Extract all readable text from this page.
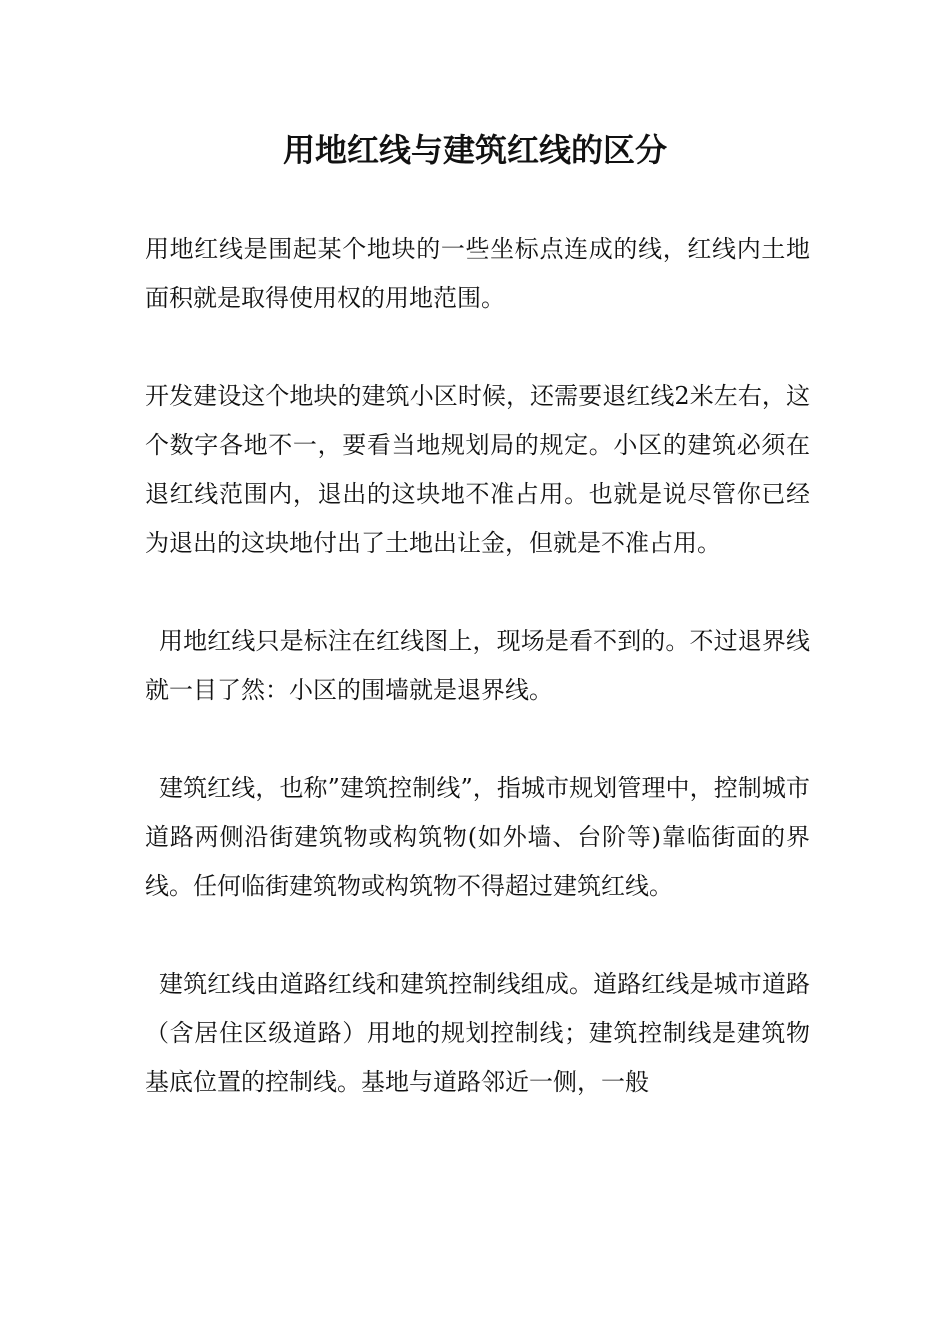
用地红线与建筑红线的区分

用地红线是围起某个地块的一些坐标点连成的线，红线内土地面积就是取得使用权的用地范围。

开发建设这个地块的建筑小区时候，还需要退红线2米左右，这个数字各地不一，要看当地规划局的规定。小区的建筑必须在退红线范围内，退出的这块地不准占用。也就是说尽管你已经为退出的这块地付出了土地出让金，但就是不准占用。

用地红线只是标注在红线图上，现场是看不到的。不过退界线就一目了然：小区的围墙就是退界线。

建筑红线，也称”建筑控制线”，指城市规划管理中，控制城市道路两侧沿街建筑物或构筑物(如外墙、台阶等)靠临街面的界线。任何临街建筑物或构筑物不得超过建筑红线。

建筑红线由道路红线和建筑控制线组成。道路红线是城市道路（含居住区级道路）用地的规划控制线；建筑控制线是建筑物基底位置的控制线。基地与道路邻近一侧，一般
